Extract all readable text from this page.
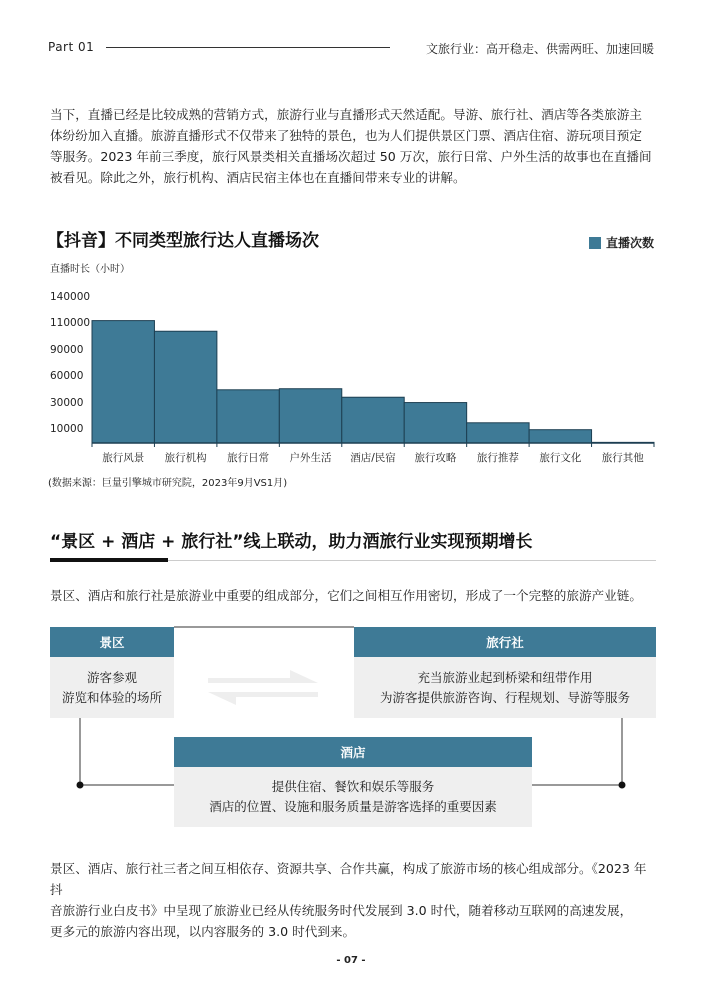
Part 01	文旅行业：高开稳走、供需两旺、加速回暖
当下，直播已经是比较成熟的营销方式，旅游行业与直播形式天然适配。导游、旅行社、酒店等各类旅游主
体纷纷加入直播。旅游直播形式不仅带来了独特的景色，也为人们提供景区门票、酒店住宿、游玩项目预定
等服务。2023 年前三季度，旅行风景类相关直播场次超过 50 万次，旅行日常、户外生活的故事也在直播间
被看见。除此之外，旅行机构、酒店民宿主体也在直播间带来专业的讲解。
【抖音】不同类型旅行达人直播场次	直播次数
直播时长（小时）
140000
110000
90000
60000
30000
10000
旅行风景 旅行机构 旅行日常 户外生活 酒店/民宿 旅行攻略 旅行推荐 旅行文化 旅行其他
(数据来源：巨量引擎城市研究院，2023年9月VS1月)
“景区 + 酒店 + 旅行社”线上联动，助力酒旅行业实现预期增长
景区、酒店和旅行社是旅游业中重要的组成部分，它们之间相互作用密切，形成了一个完整的旅游产业链。
景区
游客参观
游览和体验的场所
旅行社
充当旅游业起到桥梁和纽带作用
为游客提供旅游咨询、行程规划、导游等服务
酒店
提供住宿、餐饮和娱乐等服务
酒店的位置、设施和服务质量是游客选择的重要因素
景区、酒店、旅行社三者之间互相依存、资源共享、合作共赢，构成了旅游市场的核心组成部分。《2023 年抖
音旅游行业白皮书》中呈现了旅游业已经从传统服务时代发展到 3.0 时代，随着移动互联网的高速发展，
更多元的旅游内容出现，以内容服务的 3.0 时代到来。
- 07 -
